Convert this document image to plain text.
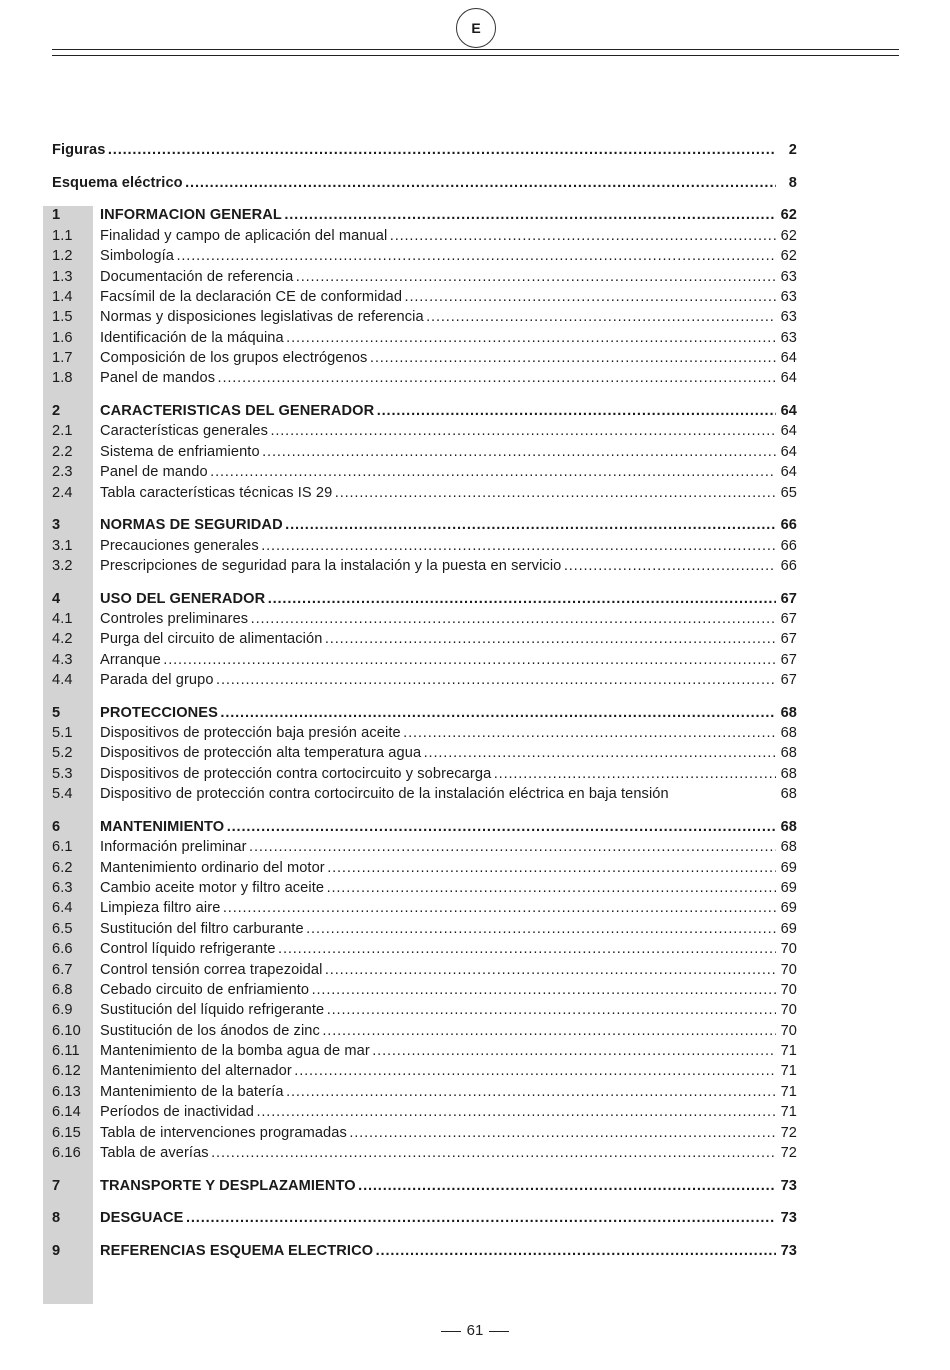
E
Figuras . . .	2
Esquema eléctrico . . .	8
1	INFORMACION GENERAL . . .	62
1.1 Finalidad y campo de aplicación del manual . . .	62
1.2 Simbología . . .	62
1.3 Documentación de referencia . . .	63
1.4 Facsímil de la declaración CE de conformidad . . .	63
1.5 Normas y disposiciones legislativas de referencia . . .	63
1.6 Identificación de la máquina . . .	63
1.7 Composición de los grupos electrógenos . . .	64
1.8 Panel de mandos . . .	64
2	CARACTERISTICAS DEL GENERADOR . . .	64
2.1 Características generales . . .	64
2.2 Sistema de enfriamiento . . .	64
2.3 Panel de mando . . .	64
2.4 Tabla características técnicas IS 29 . . .	65
3	NORMAS DE SEGURIDAD . . .	66
3.1 Precauciones generales . . .	66
3.2 Prescripciones de seguridad para la instalación y la puesta en servicio . . .	66
4	USO DEL GENERADOR . . .	67
4.1 Controles preliminares . . .	67
4.2 Purga del circuito de alimentación . . .	67
4.3 Arranque . . .	67
4.4 Parada del grupo . . .	67
5	PROTECCIONES . . .	68
5.1 Dispositivos de protección baja presión aceite . . .	68
5.2 Dispositivos de protección alta temperatura agua . . .	68
5.3 Dispositivos de protección contra cortocircuito y sobrecarga . . .	68
5.4 Dispositivo de protección contra cortocircuito de la instalación eléctrica en baja tensión	68
6	MANTENIMIENTO . . .	68
6.1 Información preliminar . . .	68
6.2 Mantenimiento ordinario del motor . . .	69
6.3 Cambio aceite motor y filtro aceite . . .	69
6.4 Limpieza filtro aire . . .	69
6.5 Sustitución del filtro carburante . . .	69
6.6 Control líquido refrigerante . . .	70
6.7 Control tensión correa trapezoidal . . .	70
6.8 Cebado circuito de enfriamiento . . .	70
6.9 Sustitución del líquido refrigerante . . .	70
6.10 Sustitución de los ánodos de zinc . . .	70
6.11 Mantenimiento de la bomba agua de mar . . .	71
6.12 Mantenimiento del alternador . . .	71
6.13 Mantenimiento de la batería . . .	71
6.14 Períodos de inactividad . . .	71
6.15 Tabla de intervenciones programadas . . .	72
6.16 Tabla de averías . . .	72
7	TRANSPORTE Y DESPLAZAMIENTO . . .	73
8	DESGUACE . . .	73
9	REFERENCIAS ESQUEMA ELECTRICO . . .	73
61
